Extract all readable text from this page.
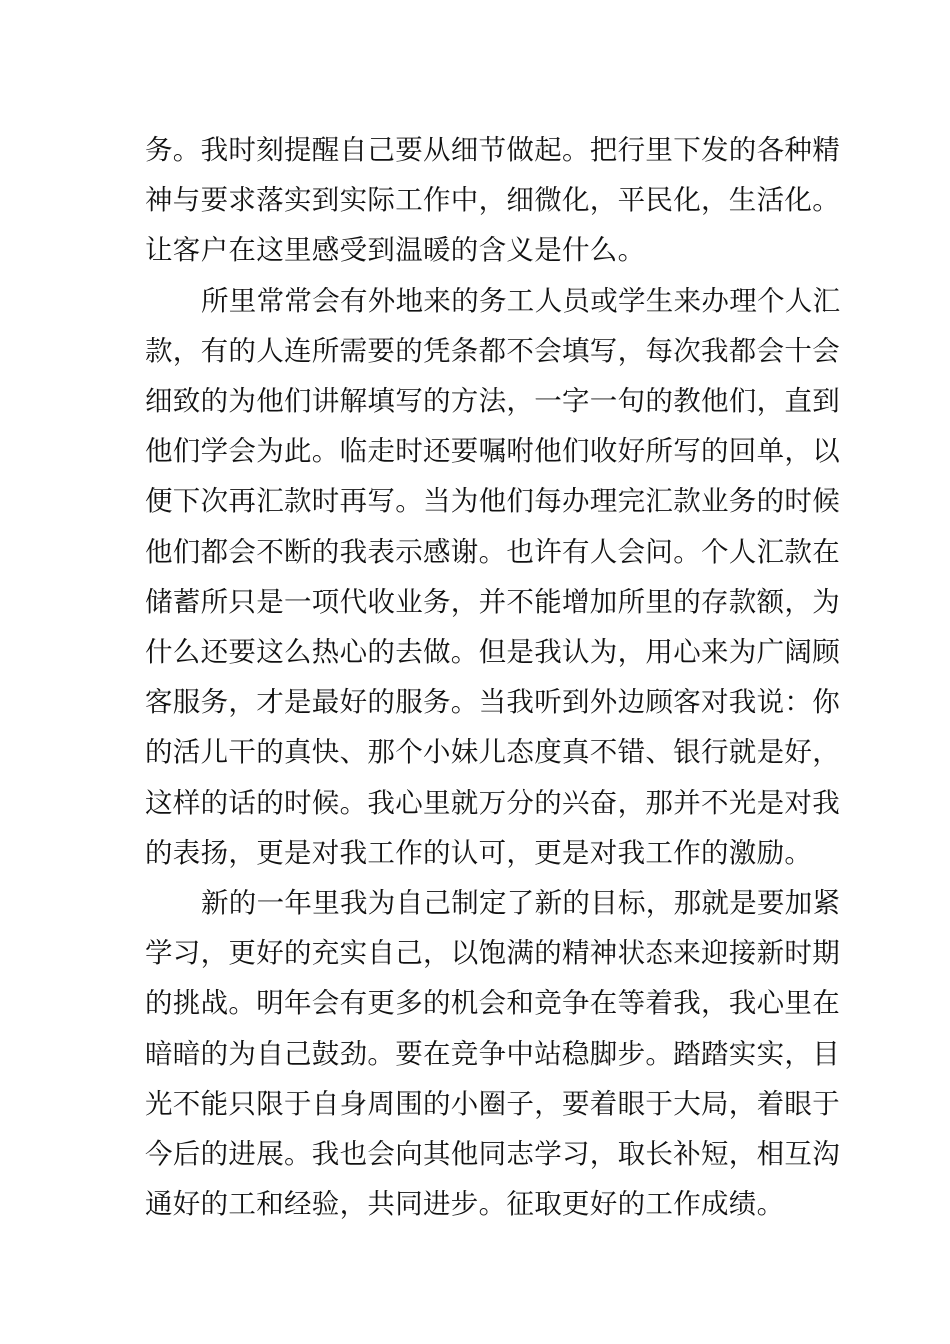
务。我时刻提醒自己要从细节做起。把行里下发的各种精

神与要求落实到实际工作中，细微化，平民化，生活化。

让客户在这里感受到温暖的含义是什么。

所里常常会有外地来的务工人员或学生来办理个人汇

款，有的人连所需要的凭条都不会填写，每次我都会十会

细致的为他们讲解填写的方法，一字一句的教他们，直到

他们学会为此。临走时还要嘱咐他们收好所写的回单，以

便下次再汇款时再写。当为他们每办理完汇款业务的时候

他们都会不断的我表示感谢。也许有人会问。个人汇款在

储蓄所只是一项代收业务，并不能增加所里的存款额，为

什么还要这么热心的去做。但是我认为，用心来为广阔顾

客服务，才是最好的服务。当我听到外边顾客对我说：你

的活儿干的真快、那个小妹儿态度真不错、银行就是好，

这样的话的时候。我心里就万分的兴奋，那并不光是对我

的表扬，更是对我工作的认可，更是对我工作的激励。

新的一年里我为自己制定了新的目标，那就是要加紧

学习，更好的充实自己，以饱满的精神状态来迎接新时期

的挑战。明年会有更多的机会和竞争在等着我，我心里在

暗暗的为自己鼓劲。要在竞争中站稳脚步。踏踏实实，目

光不能只限于自身周围的小圈子，要着眼于大局，着眼于

今后的进展。我也会向其他同志学习，取长补短，相互沟

通好的工和经验，共同进步。征取更好的工作成绩。
